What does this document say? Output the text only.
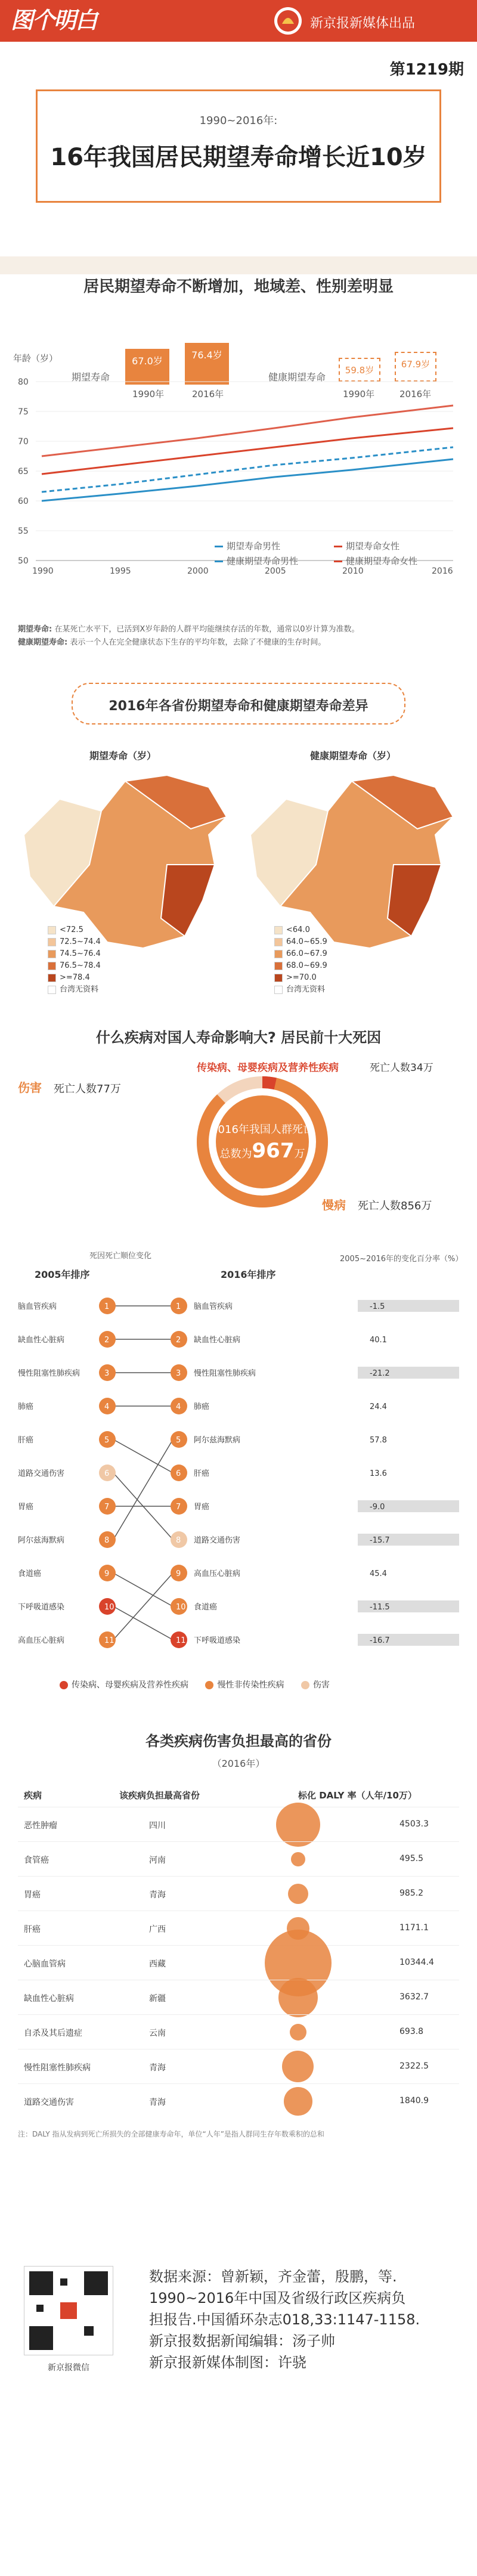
图个明白	新京报新媒体出品
第1219期
1990~2016年:
16年我国居民期望寿命增长近10岁
居民期望寿命不断增加，地域差、性别差明显
年龄（岁）
期望寿命
67.0岁
76.4岁
1990年	2016年
健康期望寿命
59.8岁
67.9岁
1990年	2016年
80
75
70
65
60
55
50
1990	1995	2000	2005	2010	2016
期望寿命男性	期望寿命女性
健康期望寿命男性	健康期望寿命女性
期望寿命: 在某死亡水平下，已活到X岁年龄的人群平均能继续存活的年数，通常以0岁计算为准数。
健康期望寿命: 表示一个人在完全健康状态下生存的平均年数，去除了不健康的生存时间。
2016年各省份期望寿命和健康期望寿命差异
期望寿命（岁）	健康期望寿命（岁）
<72.5
72.5~74.4
74.5~76.4
76.5~78.4
>=78.4
台湾无资料
<64.0
64.0~65.9
66.0~67.9
68.0~69.9
>=70.0
台湾无资料
什么疾病对国人寿命影响大? 居民前十大死因
伤害 死亡人数77万
传染病、母婴疾病及营养性疾病	死亡人数34万
2016年我国人群死亡
总数为967万
慢病 死亡人数856万
死因死亡顺位变化
2005年排序	2016年排序
2005~2016年的变化百分率（%）
脑血管疾病	1
缺血性心脏病	2
慢性阻塞性肺疾病	3
肺癌	4
肝癌	5
道路交通伤害	6
胃癌	7
阿尔兹海默病	8
食道癌	9
下呼吸道感染	10
高血压心脏病	11
1 脑血管疾病	-1.5
2 缺血性心脏病	40.1
3 慢性阻塞性肺疾病	-21.2
4 肺癌	24.4
5 阿尔兹海默病	57.8
6 肝癌	13.6
7 胃癌	-9.0
8 道路交通伤害	-15.7
9 高血压心脏病	45.4
10 食道癌	-11.5
11 下呼吸道感染	-16.7
传染病、母婴疾病及营养性疾病	慢性非传染性疾病	伤害
各类疾病伤害负担最高的省份
（2016年）
疾病	该疾病负担最高省份	标化 DALY 率（人年/10万）
恶性肿瘤	四川	4503.3
食管癌	河南	495.5
胃癌	青海	985.2
肝癌	广西	1171.1
心脑血管病	西藏	10344.4
缺血性心脏病	新疆	3632.7
自杀及其后遗症	云南	693.8
慢性阻塞性肺疾病	青海	2322.5
道路交通伤害	青海	1840.9
注：DALY 指从发病到死亡所损失的全部健康寿命年，单位“人年”是指人群同生存年数乘积的总和
新京报微信
数据来源：曾新颖，齐金蕾，殷鹏，等.
1990~2016年中国及省级行政区疾病负
担报告.中国循环杂志018,33:1147-1158.
新京报数据新闻编辑：汤子帅
新京报新媒体制图：许骁
